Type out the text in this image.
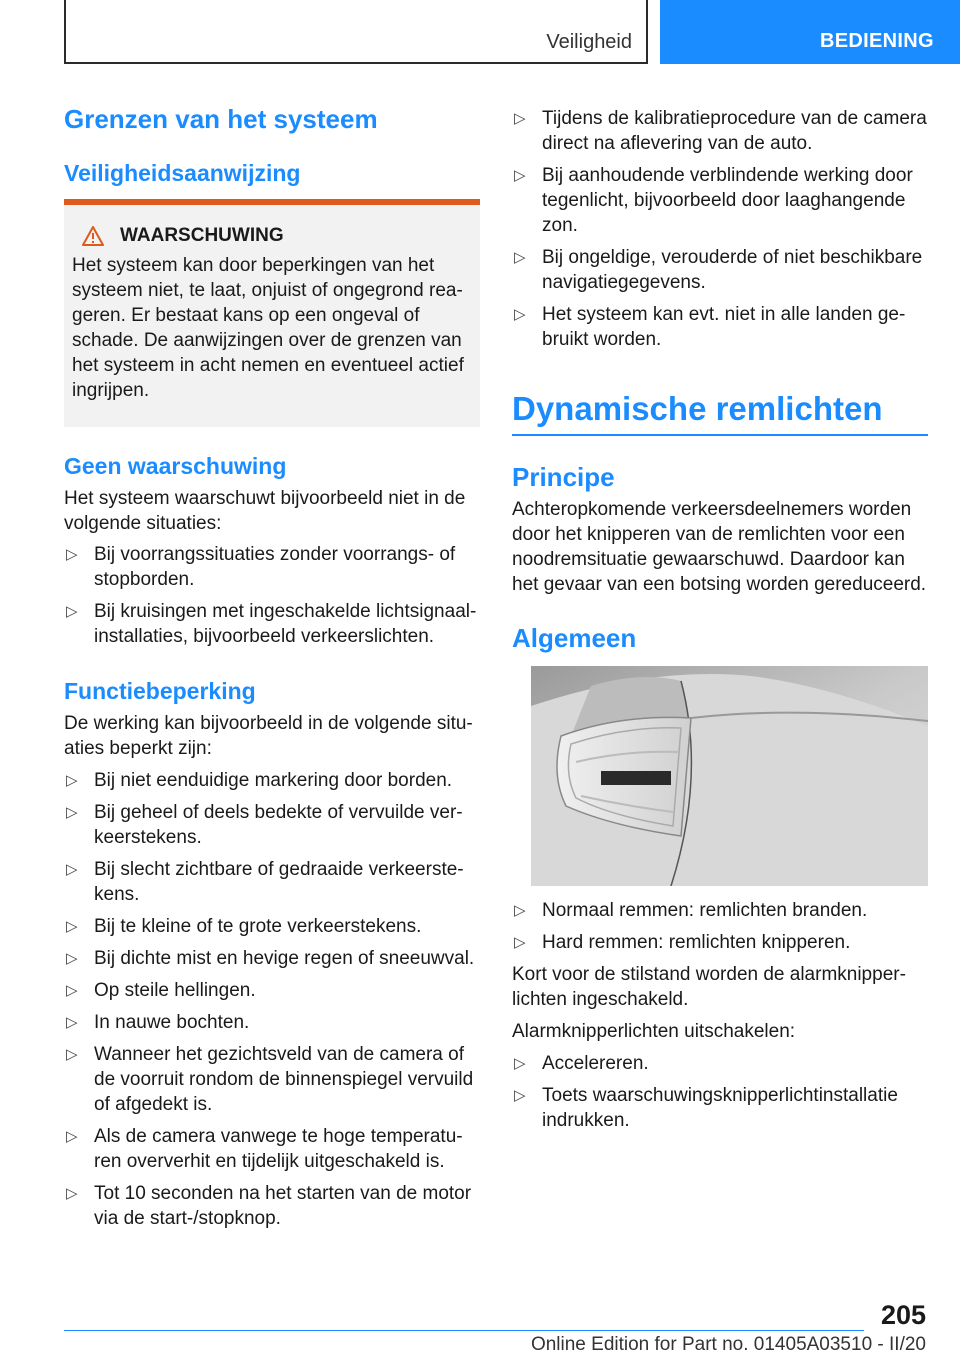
Veiligheid	BEDIENING
Grenzen van het systeem
Veiligheidsaanwijzing
WAARSCHUWING
Het systeem kan door beperkingen van het
systeem niet, te laat, onjuist of ongegrond rea-
geren. Er bestaat kans op een ongeval of
schade. De aanwijzingen over de grenzen van
het systeem in acht nemen en eventueel actief
ingrijpen.
Geen waarschuwing

Het systeem waarschuwt bijvoorbeeld niet in de
volgende situaties:

▷ Bij voorrangssituaties zonder voorrangs- of
stopborden.
▷ Bij kruisingen met ingeschakelde lichtsignaal-
installaties, bijvoorbeeld verkeerslichten.
Functiebeperking

De werking kan bijvoorbeeld in de volgende situ-
aties beperkt zijn:

▷ Bij niet eenduidige markering door borden.
▷ Bij geheel of deels bedekte of vervuilde ver-
keerstekens.
▷ Bij slecht zichtbare of gedraaide verkeerste-
kens.
▷ Bij te kleine of te grote verkeerstekens.
▷ Bij dichte mist en hevige regen of sneeuwval.
▷ Op steile hellingen.
▷ In nauwe bochten.
▷ Wanneer het gezichtsveld van de camera of
de voorruit rondom de binnenspiegel vervuild
of afgedekt is.
▷ Als de camera vanwege te hoge temperatu-
ren oververhit en tijdelijk uitgeschakeld is.
▷ Tot 10 seconden na het starten van de motor
via de start-/stopknop.
▷ Tijdens de kalibratieprocedure van de camera
direct na aflevering van de auto.
▷ Bij aanhoudende verblindende werking door
tegenlicht, bijvoorbeeld door laaghangende
zon.
▷ Bij ongeldige, verouderde of niet beschikbare
navigatiegegevens.
▷ Het systeem kan evt. niet in alle landen ge-
bruikt worden.
Dynamische remlichten
Principe

Achteropkomende verkeersdeelnemers worden
door het knipperen van de remlichten voor een
noodremsituatie gewaarschuwd. Daardoor kan
het gevaar van een botsing worden gereduceerd.

Algemeen
▷ Normaal remmen: remlichten branden.
▷ Hard remmen: remlichten knipperen.

Kort voor de stilstand worden de alarmknipper-
lichten ingeschakeld.

Alarmknipperlichten uitschakelen:

▷ Accelereren.
▷ Toets waarschuwingsknipperlichtinstallatie
indrukken.
205
Online Edition for Part no. 01405A03510 - II/20
